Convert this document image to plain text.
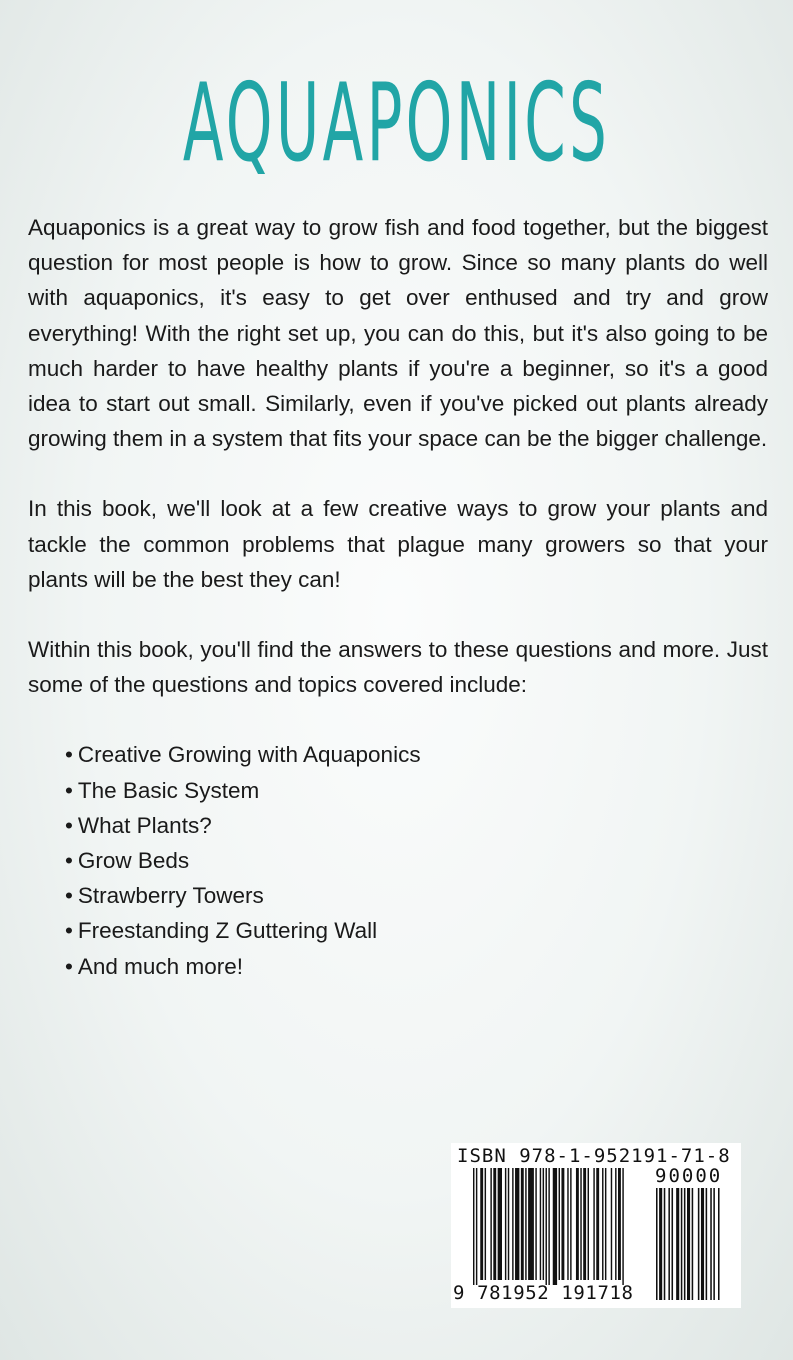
AQUAPONICS

Aquaponics is a great way to grow fish and food together, but the biggest question for most people is how to grow. Since so many plants do well with aquaponics, it's easy to get over enthused and try and grow everything! With the right set up, you can do this, but it's also going to be much harder to have healthy plants if you're a beginner, so it's a good idea to start out small. Similarly, even if you've picked out plants already growing them in a system that fits your space can be the bigger challenge.

In this book, we'll look at a few creative ways to grow your plants and tackle the common problems that plague many growers so that your plants will be the best they can!

Within this book, you'll find the answers to these questions and more. Just some of the questions and topics covered include:

• Creative Growing with Aquaponics
• The Basic System
• What Plants?
• Grow Beds
• Strawberry Towers
• Freestanding Z Guttering Wall
• And much more!
ISBN 978-1-952191-71-8
90000
9 781952 191718
